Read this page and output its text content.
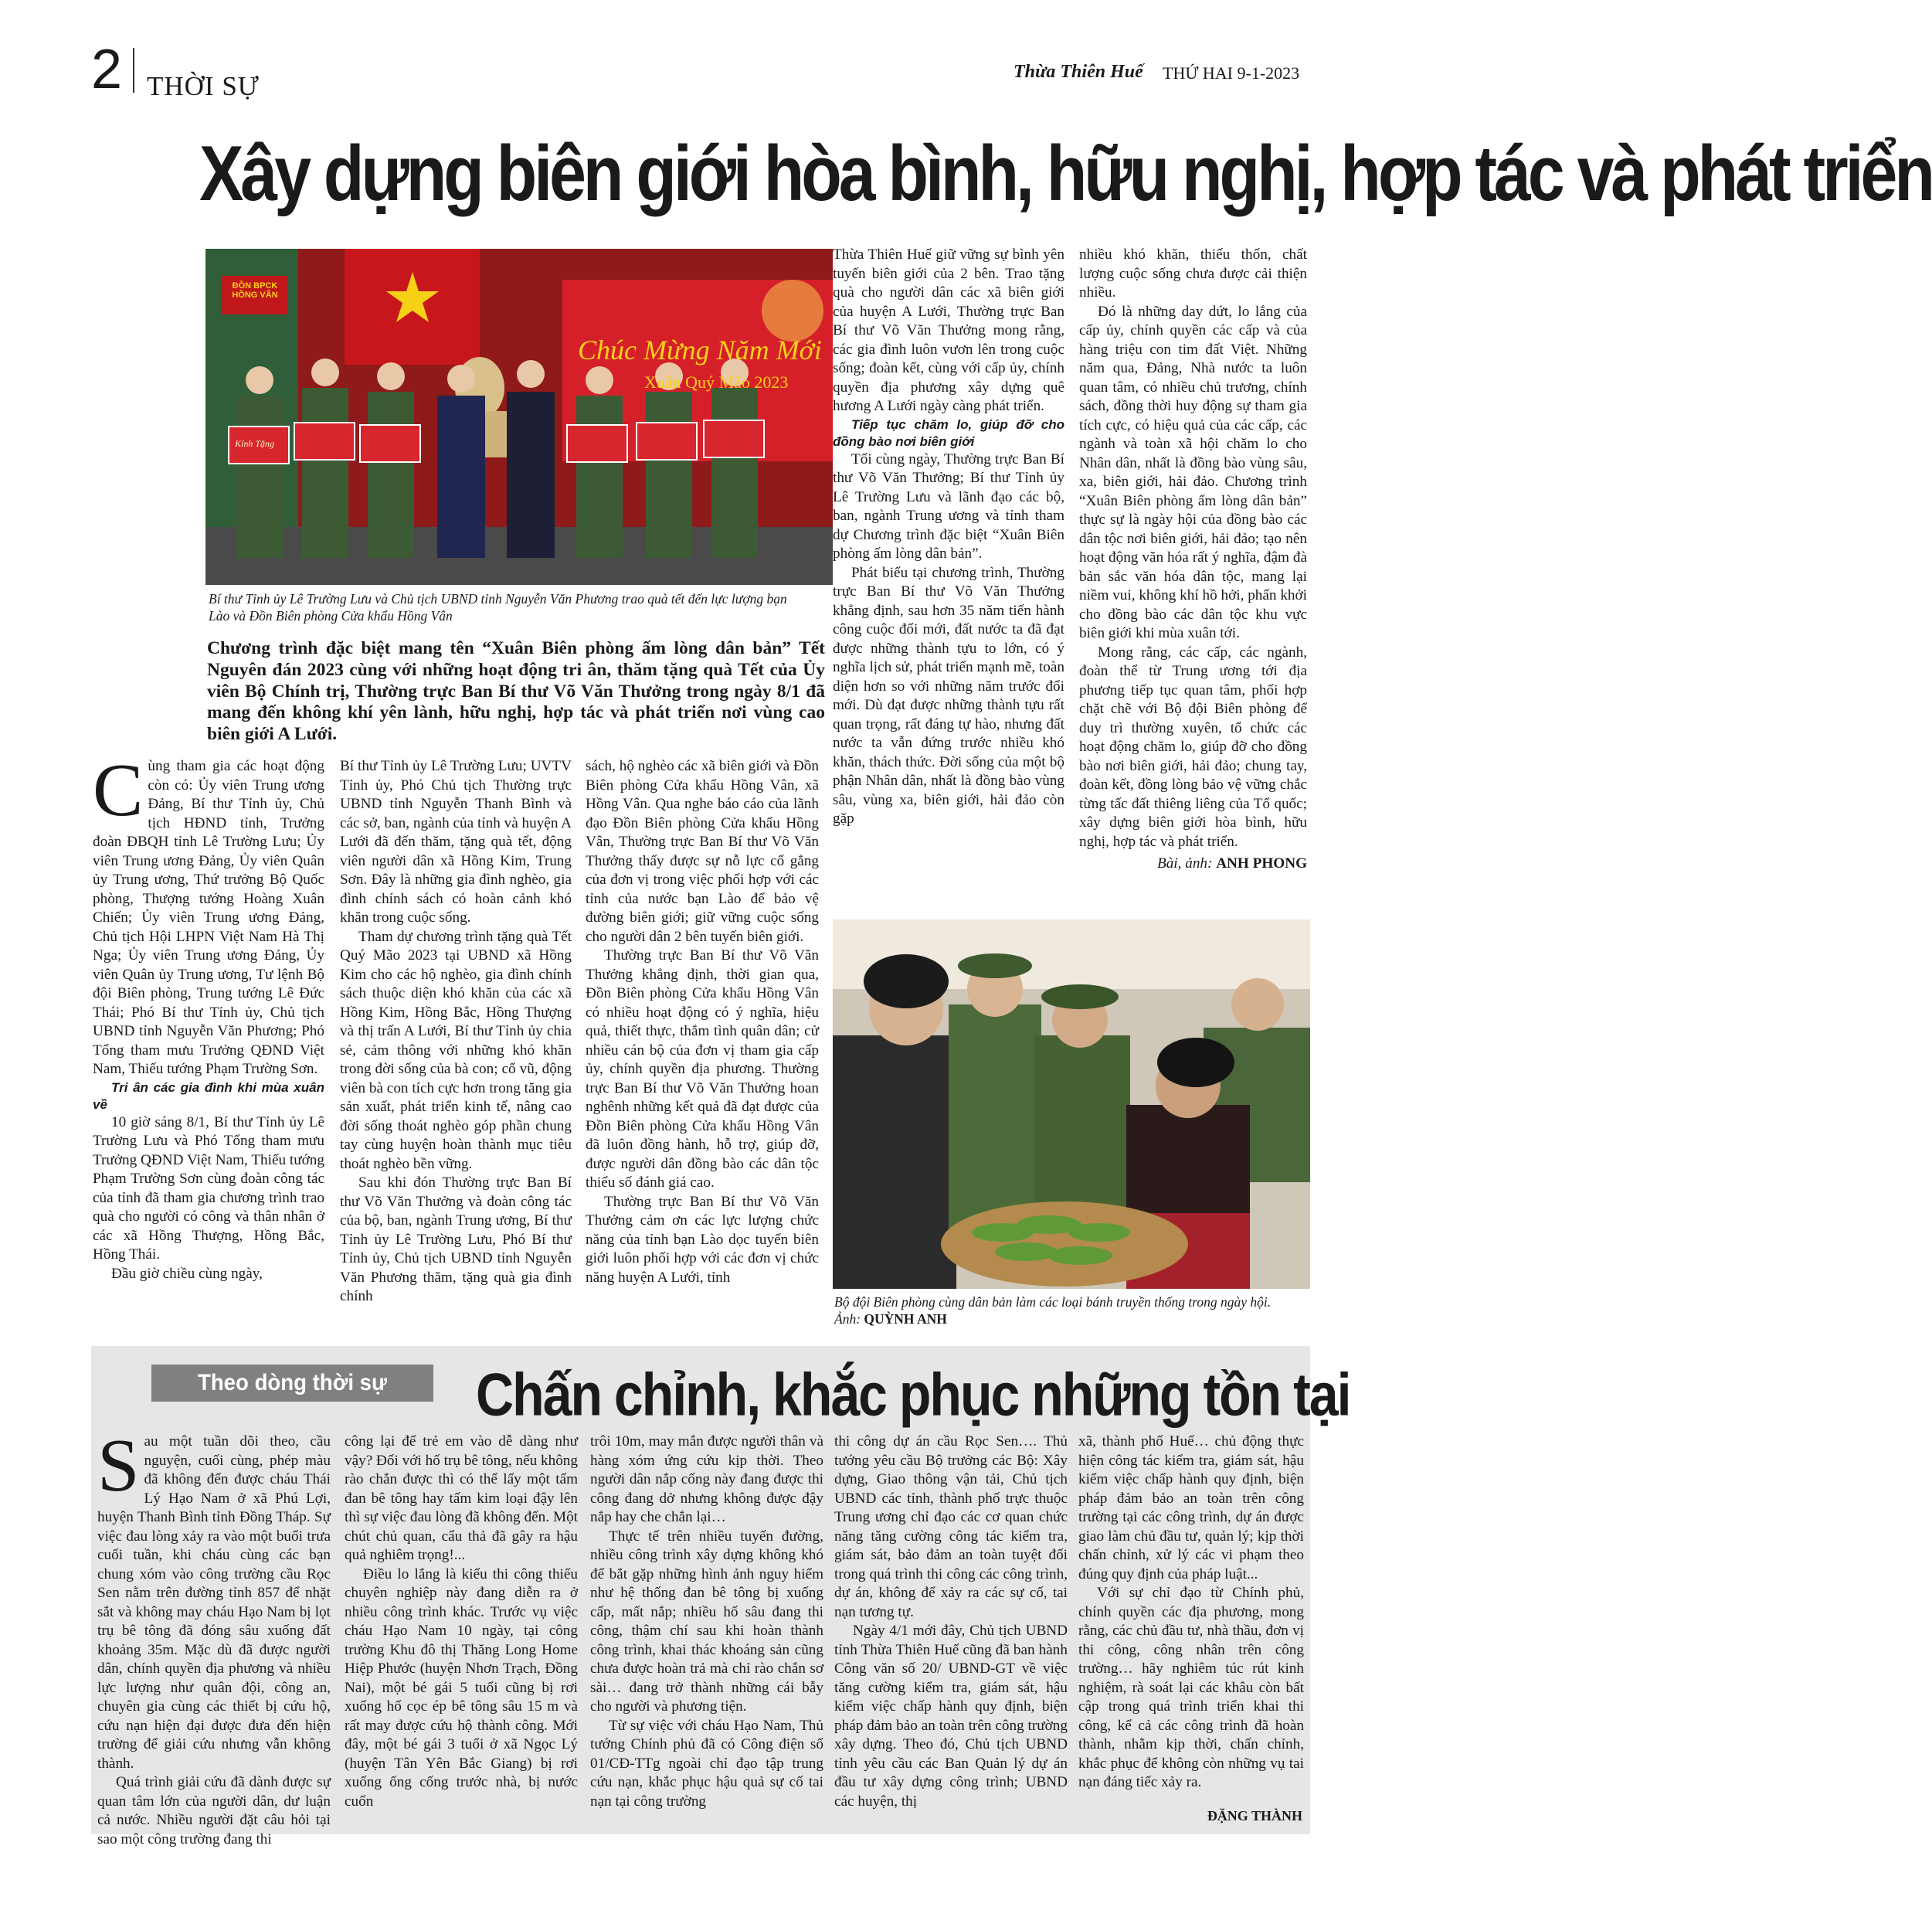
2 THỜI SỰ	Thừa Thiên Huế THỨ HAI 9-1-2023
Xây dựng biên giới hòa bình, hữu nghị, hợp tác và phát triển
ĐỒN BPCK HỒNG VÂN
Chúc Mừng Năm Mới
Xuân Quý Mão 2023
Kính Tặng
Bí thư Tỉnh ủy Lê Trường Lưu và Chủ tịch UBND tỉnh Nguyễn Văn Phương trao quà tết đến lực lượng bạn Lào và Đồn Biên phòng Cửa khẩu Hồng Vân
Chương trình đặc biệt mang tên “Xuân Biên phòng ấm lòng dân bản” Tết Nguyên đán 2023 cùng với những hoạt động tri ân, thăm tặng quà Tết của Ủy viên Bộ Chính trị, Thường trực Ban Bí thư Võ Văn Thưởng trong ngày 8/1 đã mang đến không khí yên lành, hữu nghị, hợp tác và phát triển nơi vùng cao biên giới A Lưới.

Cùng tham gia các hoạt động còn có: Ủy viên Trung ương Đảng, Bí thư Tỉnh ủy, Chủ tịch HĐND tỉnh, Trưởng đoàn ĐBQH tỉnh Lê Trường Lưu; Ủy viên Trung ương Đảng, Ủy viên Quân ủy Trung ương, Thứ trưởng Bộ Quốc phòng, Thượng tướng Hoàng Xuân Chiến; Ủy viên Trung ương Đảng, Chủ tịch Hội LHPN Việt Nam Hà Thị Nga; Ủy viên Trung ương Đảng, Ủy viên Quân ủy Trung ương, Tư lệnh Bộ đội Biên phòng, Trung tướng Lê Đức Thái; Phó Bí thư Tỉnh ủy, Chủ tịch UBND tỉnh Nguyễn Văn Phương; Phó Tổng tham mưu Trưởng QĐND Việt Nam, Thiếu tướng Phạm Trường Sơn.

Tri ân các gia đình khi mùa xuân về

10 giờ sáng 8/1, Bí thư Tỉnh ủy Lê Trường Lưu và Phó Tổng tham mưu Trưởng QĐND Việt Nam, Thiếu tướng Phạm Trường Sơn cùng đoàn công tác của tỉnh đã tham gia chương trình trao quà cho người có công và thân nhân ở các xã Hồng Thượng, Hồng Bắc, Hồng Thái.

Đầu giờ chiều cùng ngày,

Bí thư Tỉnh ủy Lê Trường Lưu; UVTV Tỉnh ủy, Phó Chủ tịch Thường trực UBND tỉnh Nguyễn Thanh Bình và các sở, ban, ngành của tỉnh và huyện A Lưới đã đến thăm, tặng quà tết, động viên người dân xã Hồng Kim, Trung Sơn. Đây là những gia đình nghèo, gia đình chính sách có hoàn cảnh khó khăn trong cuộc sống.

Tham dự chương trình tặng quà Tết Quý Mão 2023 tại UBND xã Hồng Kim cho các hộ nghèo, gia đình chính sách thuộc diện khó khăn của các xã Hồng Kim, Hồng Bắc, Hồng Thượng và thị trấn A Lưới, Bí thư Tỉnh ủy chia sẻ, cảm thông với những khó khăn trong đời sống của bà con; cổ vũ, động viên bà con tích cực hơn trong tăng gia sản xuất, phát triển kinh tế, nâng cao đời sống thoát nghèo góp phần chung tay cùng huyện hoàn thành mục tiêu thoát nghèo bền vững.

Sau khi đón Thường trực Ban Bí thư Võ Văn Thưởng và đoàn công tác của bộ, ban, ngành Trung ương, Bí thư Tỉnh ủy Lê Trường Lưu, Phó Bí thư Tỉnh ủy, Chủ tịch UBND tỉnh Nguyễn Văn Phương thăm, tặng quà gia đình chính

sách, hộ nghèo các xã biên giới và Đồn Biên phòng Cửa khẩu Hồng Vân, xã Hồng Vân. Qua nghe báo cáo của lãnh đạo Đồn Biên phòng Cửa khẩu Hồng Vân, Thường trực Ban Bí thư Võ Văn Thưởng thấy được sự nỗ lực cố gắng của đơn vị trong việc phối hợp với các tỉnh của nước bạn Lào để bảo vệ đường biên giới; giữ vững cuộc sống cho người dân 2 bên tuyến biên giới.

Thường trực Ban Bí thư Võ Văn Thưởng khẳng định, thời gian qua, Đồn Biên phòng Cửa khẩu Hồng Vân có nhiều hoạt động có ý nghĩa, hiệu quả, thiết thực, thắm tình quân dân; cử nhiều cán bộ của đơn vị tham gia cấp ủy, chính quyền địa phương. Thường trực Ban Bí thư Võ Văn Thưởng hoan nghênh những kết quả đã đạt được của Đồn Biên phòng Cửa khẩu Hồng Vân đã luôn đồng hành, hỗ trợ, giúp đỡ, được người dân đồng bào các dân tộc thiểu số đánh giá cao.

Thường trực Ban Bí thư Võ Văn Thưởng cảm ơn các lực lượng chức năng của tỉnh bạn Lào dọc tuyến biên giới luôn phối hợp với các đơn vị chức năng huyện A Lưới, tỉnh

Thừa Thiên Huế giữ vững sự bình yên tuyến biên giới của 2 bên. Trao tặng quà cho người dân các xã biên giới của huyện A Lưới, Thường trực Ban Bí thư Võ Văn Thưởng mong rằng, các gia đình luôn vươn lên trong cuộc sống; đoàn kết, cùng với cấp ủy, chính quyền địa phương xây dựng quê hương A Lưới ngày càng phát triển.

Tiếp tục chăm lo, giúp đỡ cho đồng bào nơi biên giới

Tối cùng ngày, Thường trực Ban Bí thư Võ Văn Thưởng; Bí thư Tỉnh ủy Lê Trường Lưu và lãnh đạo các bộ, ban, ngành Trung ương và tỉnh tham dự Chương trình đặc biệt “Xuân Biên phòng ấm lòng dân bản”.

Phát biểu tại chương trình, Thường trực Ban Bí thư Võ Văn Thưởng khẳng định, sau hơn 35 năm tiến hành công cuộc đổi mới, đất nước ta đã đạt được những thành tựu to lớn, có ý nghĩa lịch sử, phát triển mạnh mẽ, toàn diện hơn so với những năm trước đổi mới. Dù đạt được những thành tựu rất quan trọng, rất đáng tự hào, nhưng đất nước ta vẫn đứng trước nhiều khó khăn, thách thức. Đời sống của một bộ phận Nhân dân, nhất là đồng bào vùng sâu, vùng xa, biên giới, hải đảo còn gặp

nhiều khó khăn, thiếu thốn, chất lượng cuộc sống chưa được cải thiện nhiều.

Đó là những day dứt, lo lắng của cấp ủy, chính quyền các cấp và của hàng triệu con tim đất Việt. Những năm qua, Đảng, Nhà nước ta luôn quan tâm, có nhiều chủ trương, chính sách, đồng thời huy động sự tham gia tích cực, có hiệu quả của các cấp, các ngành và toàn xã hội chăm lo cho Nhân dân, nhất là đồng bào vùng sâu, xa, biên giới, hải đảo. Chương trình “Xuân Biên phòng ấm lòng dân bản” thực sự là ngày hội của đồng bào các dân tộc nơi biên giới, hải đảo; tạo nên hoạt động văn hóa rất ý nghĩa, đậm đà bản sắc văn hóa dân tộc, mang lại niềm vui, không khí hồ hởi, phấn khởi cho đồng bào các dân tộc khu vực biên giới khi mùa xuân tới.

Mong rằng, các cấp, các ngành, đoàn thể từ Trung ương tới địa phương tiếp tục quan tâm, phối hợp chặt chẽ với Bộ đội Biên phòng để duy trì thường xuyên, tổ chức các hoạt động chăm lo, giúp đỡ cho đồng bào nơi biên giới, hải đảo; chung tay, đoàn kết, đồng lòng bảo vệ vững chắc từng tấc đất thiêng liêng của Tổ quốc; xây dựng biên giới hòa bình, hữu nghị, hợp tác và phát triển.

Bài, ảnh: ANH PHONG

Bộ đội Biên phòng cùng dân bản làm các loại bánh truyền thống trong ngày hội. Ảnh: QUỲNH ANH
Theo dòng thời sự	Chấn chỉnh, khắc phục những tồn tại

Sau một tuần dõi theo, cầu nguyện, cuối cùng, phép màu đã không đến được cháu Thái Lý Hạo Nam ở xã Phú Lợi, huyện Thanh Bình tỉnh Đồng Tháp. Sự việc đau lòng xảy ra vào một buổi trưa cuối tuần, khi cháu cùng các bạn chung xóm vào công trường cầu Rọc Sen nằm trên đường tỉnh 857 để nhặt sắt và không may cháu Hạo Nam bị lọt trụ bê tông đã đóng sâu xuống đất khoảng 35m. Mặc dù đã được người dân, chính quyền địa phương và nhiều lực lượng như quân đội, công an, chuyên gia cùng các thiết bị cứu hộ, cứu nạn hiện đại được đưa đến hiện trường để giải cứu nhưng vẫn không thành.

Quá trình giải cứu đã dành được sự quan tâm lớn của người dân, dư luận cả nước. Nhiều người đặt câu hỏi tại sao một công trường đang thi

công lại để trẻ em vào dễ dàng như vậy? Đối với hố trụ bê tông, nếu không rào chắn được thì có thể lấy một tấm đan bê tông hay tấm kim loại đậy lên thì sự việc đau lòng đã không đến. Một chút chủ quan, cẩu thả đã gây ra hậu quả nghiêm trọng!...

Điều lo lắng là kiểu thi công thiếu chuyên nghiệp này đang diễn ra ở nhiều công trình khác. Trước vụ việc cháu Hạo Nam 10 ngày, tại công trường Khu đô thị Thăng Long Home Hiệp Phước (huyện Nhơn Trạch, Đồng Nai), một bé gái 5 tuổi cũng bị rơi xuống hố cọc ép bê tông sâu 15 m và rất may được cứu hộ thành công. Mới đây, một bé gái 3 tuổi ở xã Ngọc Lý (huyện Tân Yên Bắc Giang) bị rơi xuống ống cống trước nhà, bị nước cuốn

trôi 10m, may mắn được người thân và hàng xóm ứng cứu kịp thời. Theo người dân nắp cống này đang được thi công đang dở nhưng không được đậy nắp hay che chắn lại…

Thực tế trên nhiều tuyến đường, nhiều công trình xây dựng không khó để bắt gặp những hình ảnh nguy hiểm như hệ thống đan bê tông bị xuống cấp, mất nắp; nhiều hố sâu đang thi công, thậm chí sau khi hoàn thành công trình, khai thác khoáng sản cũng chưa được hoàn trả mà chỉ rào chắn sơ sài… đang trở thành những cái bẫy cho người và phương tiện.

Từ sự việc với cháu Hạo Nam, Thủ tướng Chính phủ đã có Công điện số 01/CĐ-TTg ngoài chỉ đạo tập trung cứu nạn, khắc phục hậu quả sự cố tai nạn tại công trường

thi công dự án cầu Rọc Sen…. Thủ tướng yêu cầu Bộ trưởng các Bộ: Xây dựng, Giao thông vận tải, Chủ tịch UBND các tỉnh, thành phố trực thuộc Trung ương chỉ đạo các cơ quan chức năng tăng cường công tác kiểm tra, giám sát, bảo đảm an toàn tuyệt đối trong quá trình thi công các công trình, dự án, không để xảy ra các sự cố, tai nạn tương tự.

Ngày 4/1 mới đây, Chủ tịch UBND tỉnh Thừa Thiên Huế cũng đã ban hành Công văn số 20/ UBND-GT về việc tăng cường kiểm tra, giám sát, hậu kiểm việc chấp hành quy định, biện pháp đảm bảo an toàn trên công trường xây dựng. Theo đó, Chủ tịch UBND tỉnh yêu cầu các Ban Quản lý dự án đầu tư xây dựng công trình; UBND các huyện, thị

xã, thành phố Huế… chủ động thực hiện công tác kiểm tra, giám sát, hậu kiểm việc chấp hành quy định, biện pháp đảm bảo an toàn trên công trường tại các công trình, dự án được giao làm chủ đầu tư, quản lý; kịp thời chấn chỉnh, xử lý các vi phạm theo đúng quy định của pháp luật...

Với sự chỉ đạo từ Chính phủ, chính quyền các địa phương, mong rằng, các chủ đầu tư, nhà thầu, đơn vị thi công, công nhân trên công trường… hãy nghiêm túc rút kinh nghiệm, rà soát lại các khâu còn bất cập trong quá trình triển khai thi công, kể cả các công trình đã hoàn thành, nhằm kịp thời, chấn chỉnh, khắc phục để không còn những vụ tai nạn đáng tiếc xảy ra.

ĐẶNG THÀNH
